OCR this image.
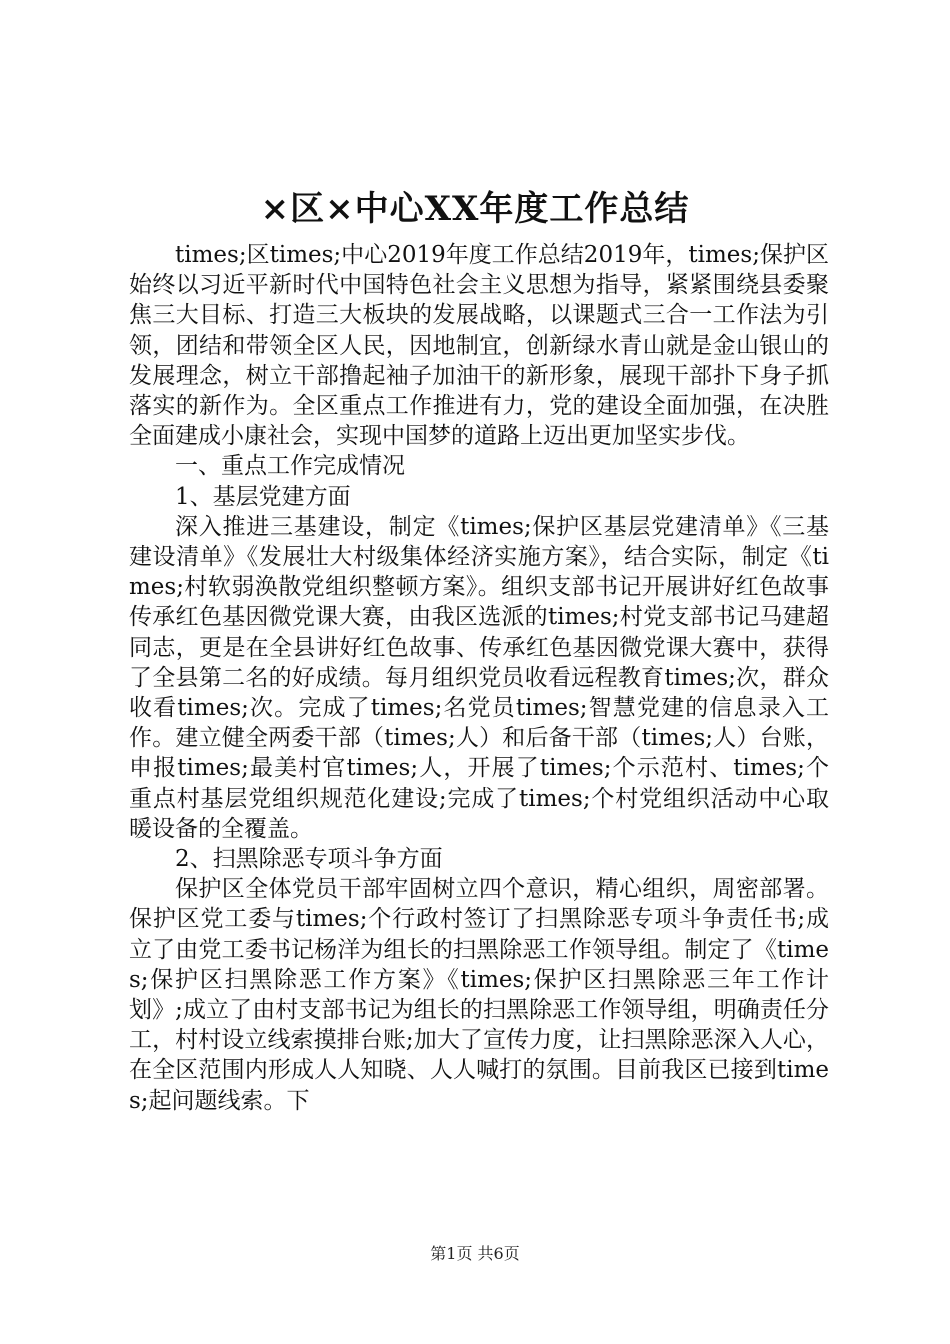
×区×中心XX年度工作总结

times;区times;中心2019年度工作总结2019年，times;保护区始终以习近平新时代中国特色社会主义思想为指导，紧紧围绕县委聚焦三大目标、打造三大板块的发展战略，以课题式三合一工作法为引领，团结和带领全区人民，因地制宜，创新绿水青山就是金山银山的发展理念，树立干部撸起袖子加油干的新形象，展现干部扑下身子抓落实的新作为。全区重点工作推进有力，党的建设全面加强，在决胜全面建成小康社会，实现中国梦的道路上迈出更加坚实步伐。

一、重点工作完成情况

1、基层党建方面

深入推进三基建设，制定《times;保护区基层党建清单》《三基建设清单》《发展壮大村级集体经济实施方案》，结合实际，制定《times;村软弱涣散党组织整顿方案》。组织支部书记开展讲好红色故事传承红色基因微党课大赛，由我区选派的times;村党支部书记马建超同志，更是在全县讲好红色故事、传承红色基因微党课大赛中，获得了全县第二名的好成绩。每月组织党员收看远程教育times;次，群众收看times;次。完成了times;名党员times;智慧党建的信息录入工作。建立健全两委干部（times;人）和后备干部（times;人）台账，申报times;最美村官times;人，开展了times;个示范村、times;个重点村基层党组织规范化建设;完成了times;个村党组织活动中心取暖设备的全覆盖。

2、扫黑除恶专项斗争方面

保护区全体党员干部牢固树立四个意识，精心组织，周密部署。保护区党工委与times;个行政村签订了扫黑除恶专项斗争责任书;成立了由党工委书记杨洋为组长的扫黑除恶工作领导组。制定了《times;保护区扫黑除恶工作方案》《times;保护区扫黑除恶三年工作计划》;成立了由村支部书记为组长的扫黑除恶工作领导组，明确责任分工，村村设立线索摸排台账;加大了宣传力度，让扫黑除恶深入人心，在全区范围内形成人人知晓、人人喊打的氛围。目前我区已接到times;起问题线索。下

第1页 共6页
